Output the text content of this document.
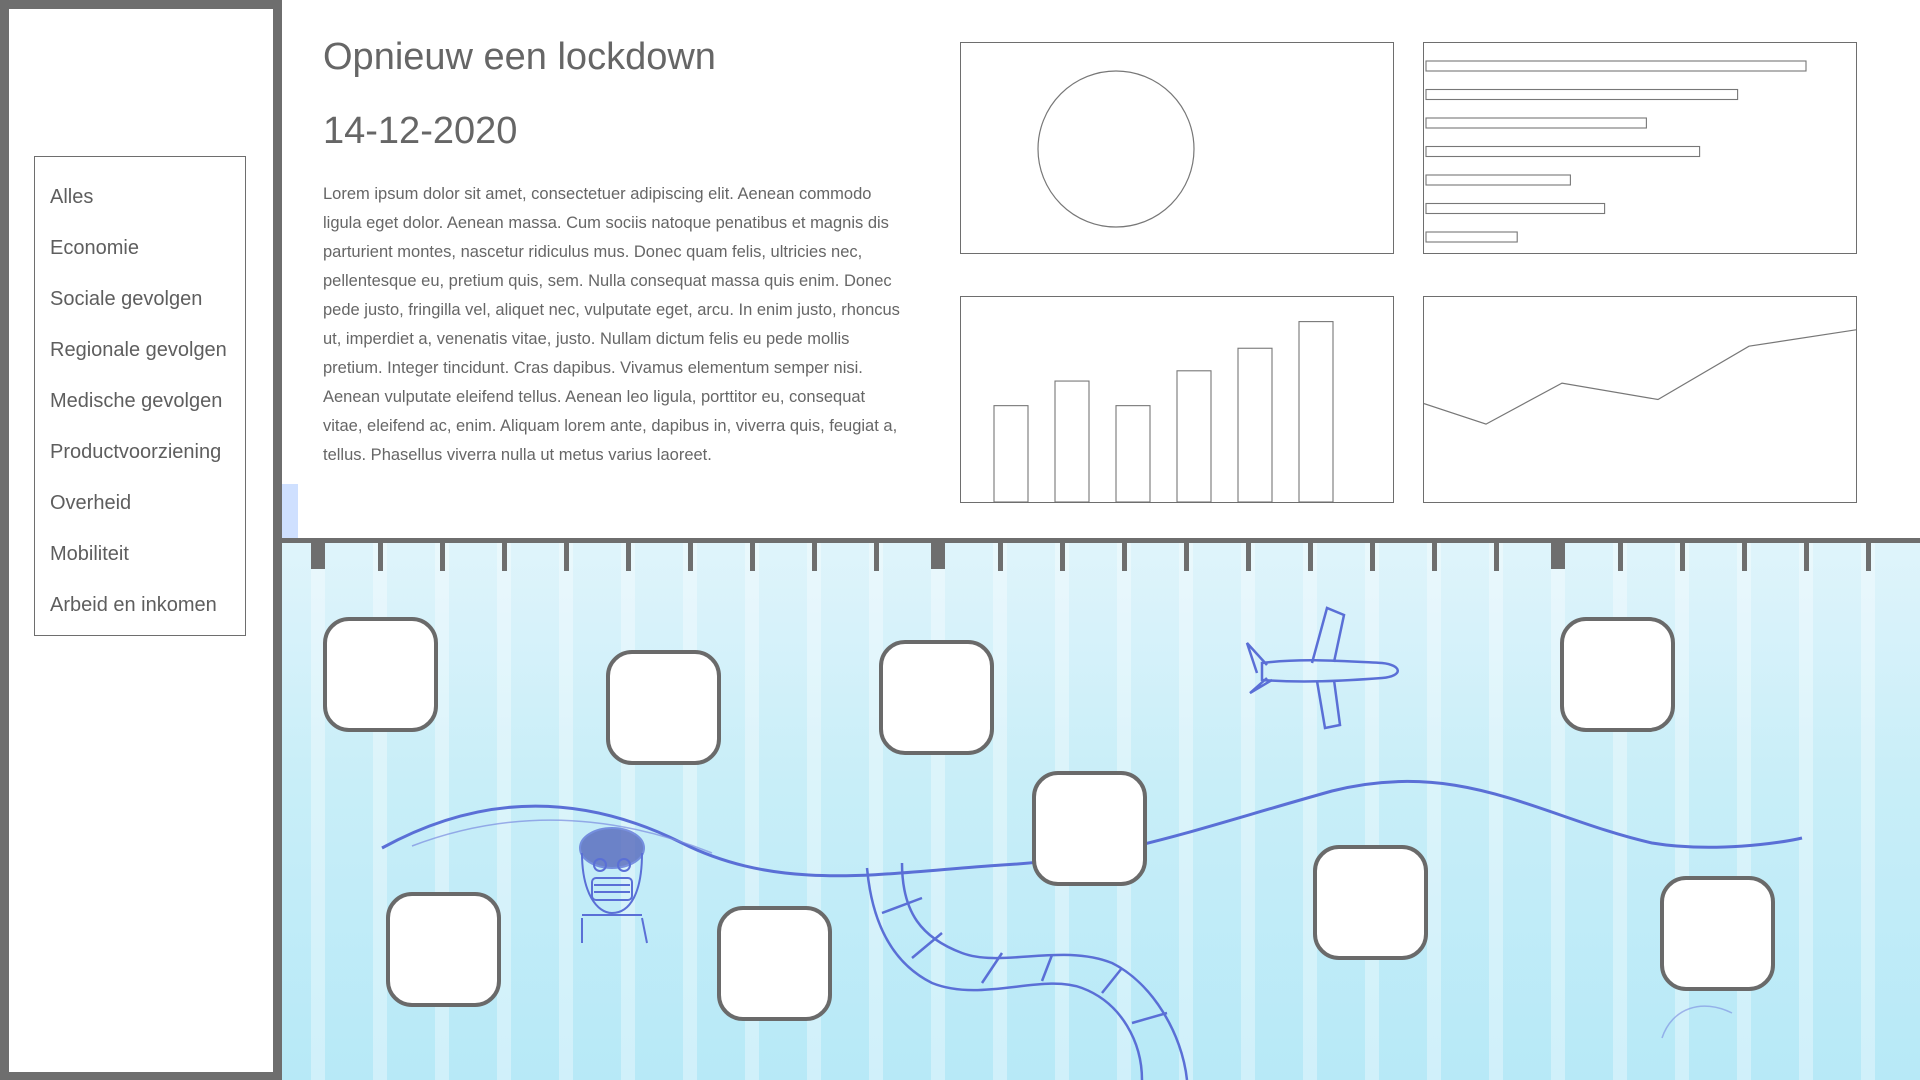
Alles
Economie
Sociale gevolgen
Regionale gevolgen
Medische gevolgen
Productvoorziening
Overheid
Mobiliteit
Arbeid en inkomen
Opnieuw een lockdown
14-12-2020
Lorem ipsum dolor sit amet, consectetuer adipiscing elit. Aenean commodo ligula eget dolor. Aenean massa. Cum sociis natoque penatibus et magnis dis parturient montes, nascetur ridiculus mus. Donec quam felis, ultricies nec, pellentesque eu, pretium quis, sem. Nulla consequat massa quis enim. Donec pede justo, fringilla vel, aliquet nec, vulputate eget, arcu. In enim justo, rhoncus ut, imperdiet a, venenatis vitae, justo. Nullam dictum felis eu pede mollis pretium. Integer tincidunt. Cras dapibus. Vivamus elementum semper nisi. Aenean vulputate eleifend tellus. Aenean leo ligula, porttitor eu, consequat vitae, eleifend ac, enim. Aliquam lorem ante, dapibus in, viverra quis, feugiat a, tellus. Phasellus viverra nulla ut metus varius laoreet.
